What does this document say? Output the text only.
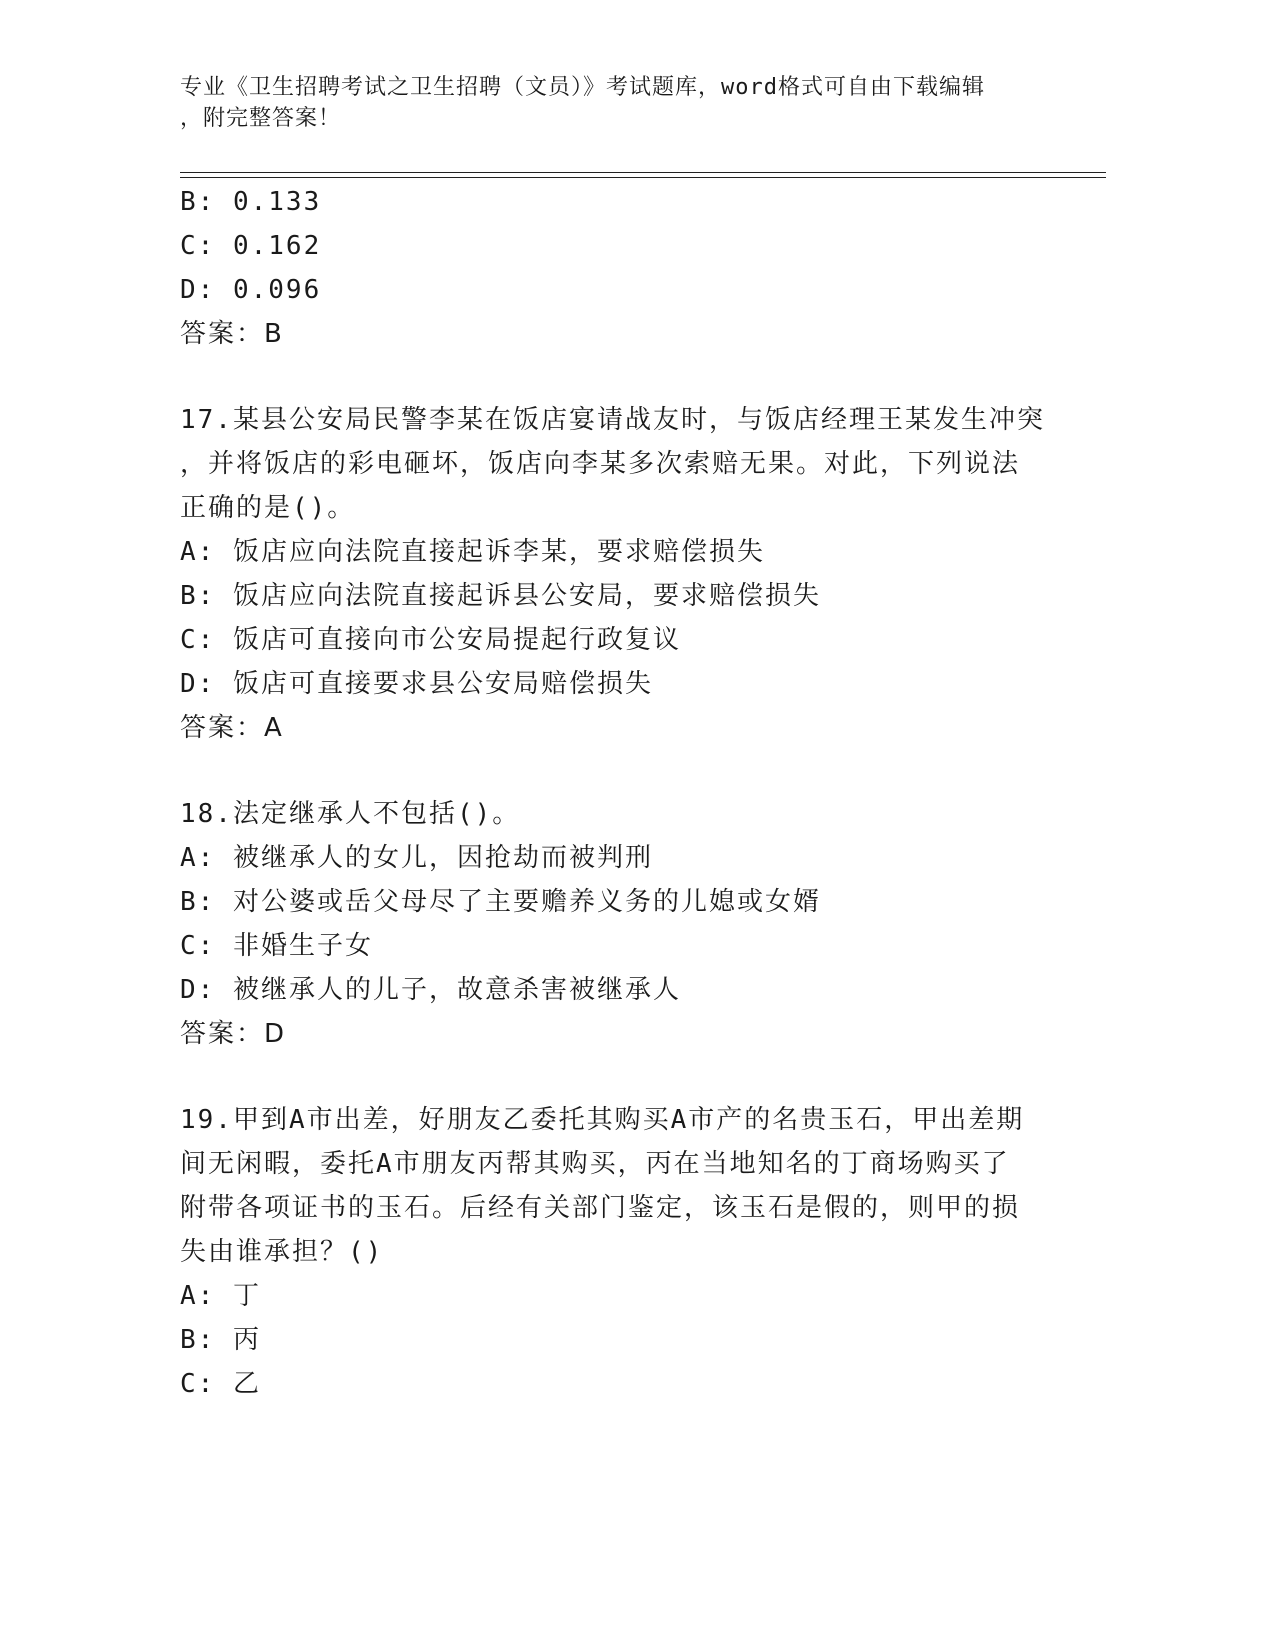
专业《卫生招聘考试之卫生招聘（文员）》考试题库，word格式可自由下载编辑
，附完整答案！
B: 0.133
C: 0.162
D: 0.096
答案：B
17.某县公安局民警李某在饭店宴请战友时，与饭店经理王某发生冲突
，并将饭店的彩电砸坏，饭店向李某多次索赔无果。对此，下列说法
正确的是()。
A: 饭店应向法院直接起诉李某，要求赔偿损失
B: 饭店应向法院直接起诉县公安局，要求赔偿损失
C: 饭店可直接向市公安局提起行政复议
D: 饭店可直接要求县公安局赔偿损失
答案：A
18.法定继承人不包括()。
A: 被继承人的女儿，因抢劫而被判刑
B: 对公婆或岳父母尽了主要赡养义务的儿媳或女婿
C: 非婚生子女
D: 被继承人的儿子，故意杀害被继承人
答案：D
19.甲到A市出差，好朋友乙委托其购买A市产的名贵玉石，甲出差期
间无闲暇，委托A市朋友丙帮其购买，丙在当地知名的丁商场购买了
附带各项证书的玉石。后经有关部门鉴定，该玉石是假的，则甲的损
失由谁承担？()
A: 丁
B: 丙
C: 乙
